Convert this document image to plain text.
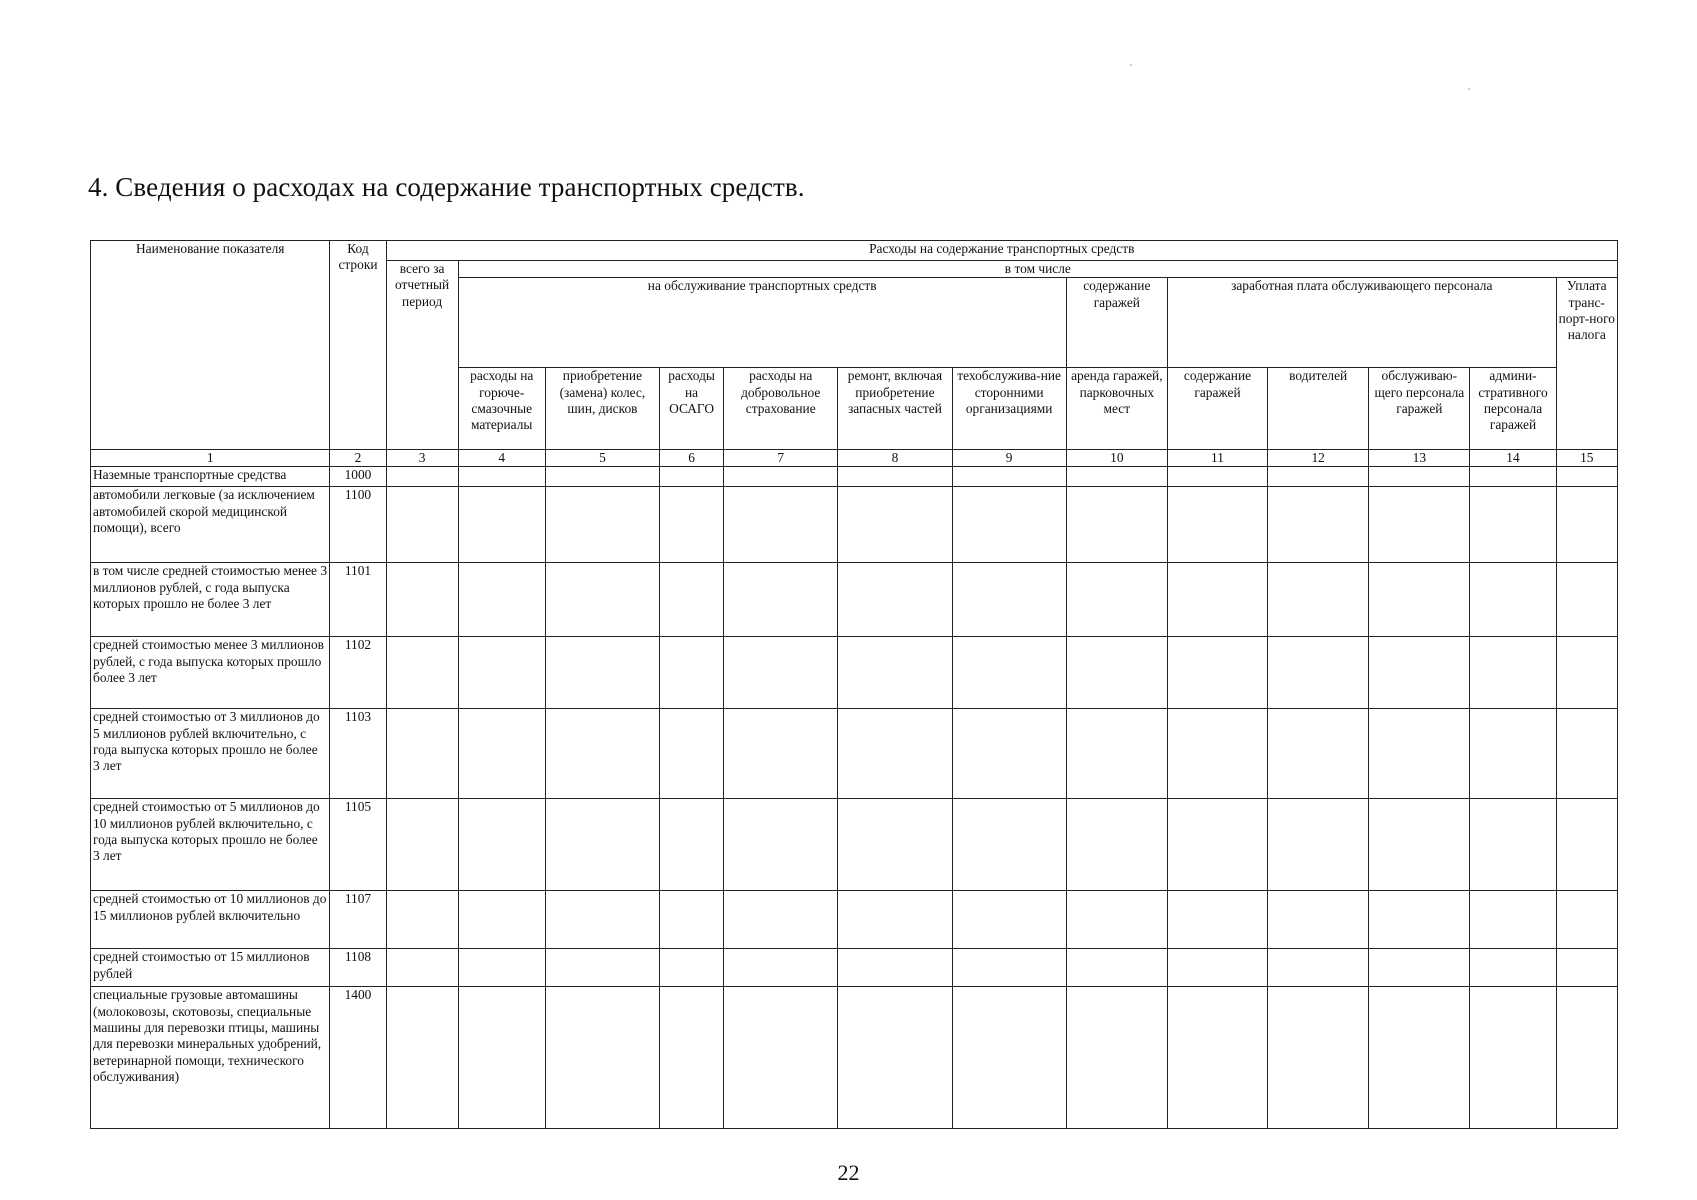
4. Сведения о расходах на содержание транспортных средств.
Наименование показателя	Код строки	Расходы на содержание транспортных средств												
		всего за отчетный период	в том числе											
			на обслуживание транспортных средств						содержание гаражей	заработная плата обслуживающего персонала				Уплата транс-порт-ного налога
			расходы на горюче-смазочные материалы	приобретение (замена) колес, шин, дисков	расходы на ОСАГО	расходы на добровольное страхование	ремонт, включая приобретение запасных частей	техобслужива-ние сторонними организациями	аренда гаражей, парковочных мест	содержание гаражей	водителей	обслуживаю-щего персонала гаражей	админи-стративного персонала гаражей	

1	2	3	4	5	6	7	8	9	10	11	12	13	14	15
Наземные транспортные средства	1000													
автомобили легковые (за исключением автомобилей скорой медицинской помощи), всего	1100													
в том числе средней стоимостью менее 3 миллионов рублей, с года выпуска которых прошло не более 3 лет	1101													
средней стоимостью менее 3 миллионов рублей, с года выпуска которых прошло более 3 лет	1102													
средней стоимостью от 3 миллионов до 5 миллионов рублей включительно, с года выпуска которых прошло не более 3 лет	1103													
средней стоимостью от 5 миллионов до 10 миллионов рублей включительно, с года выпуска которых прошло не более 3 лет	1105													
средней стоимостью от 10 миллионов до 15 миллионов рублей включительно	1107													
средней стоимостью от 15 миллионов рублей	1108													
специальные грузовые автомашины (молоковозы, скотовозы, специальные машины для перевозки птицы, машины для перевозки минеральных удобрений, ветеринарной помощи, технического обслуживания)	1400													
22
